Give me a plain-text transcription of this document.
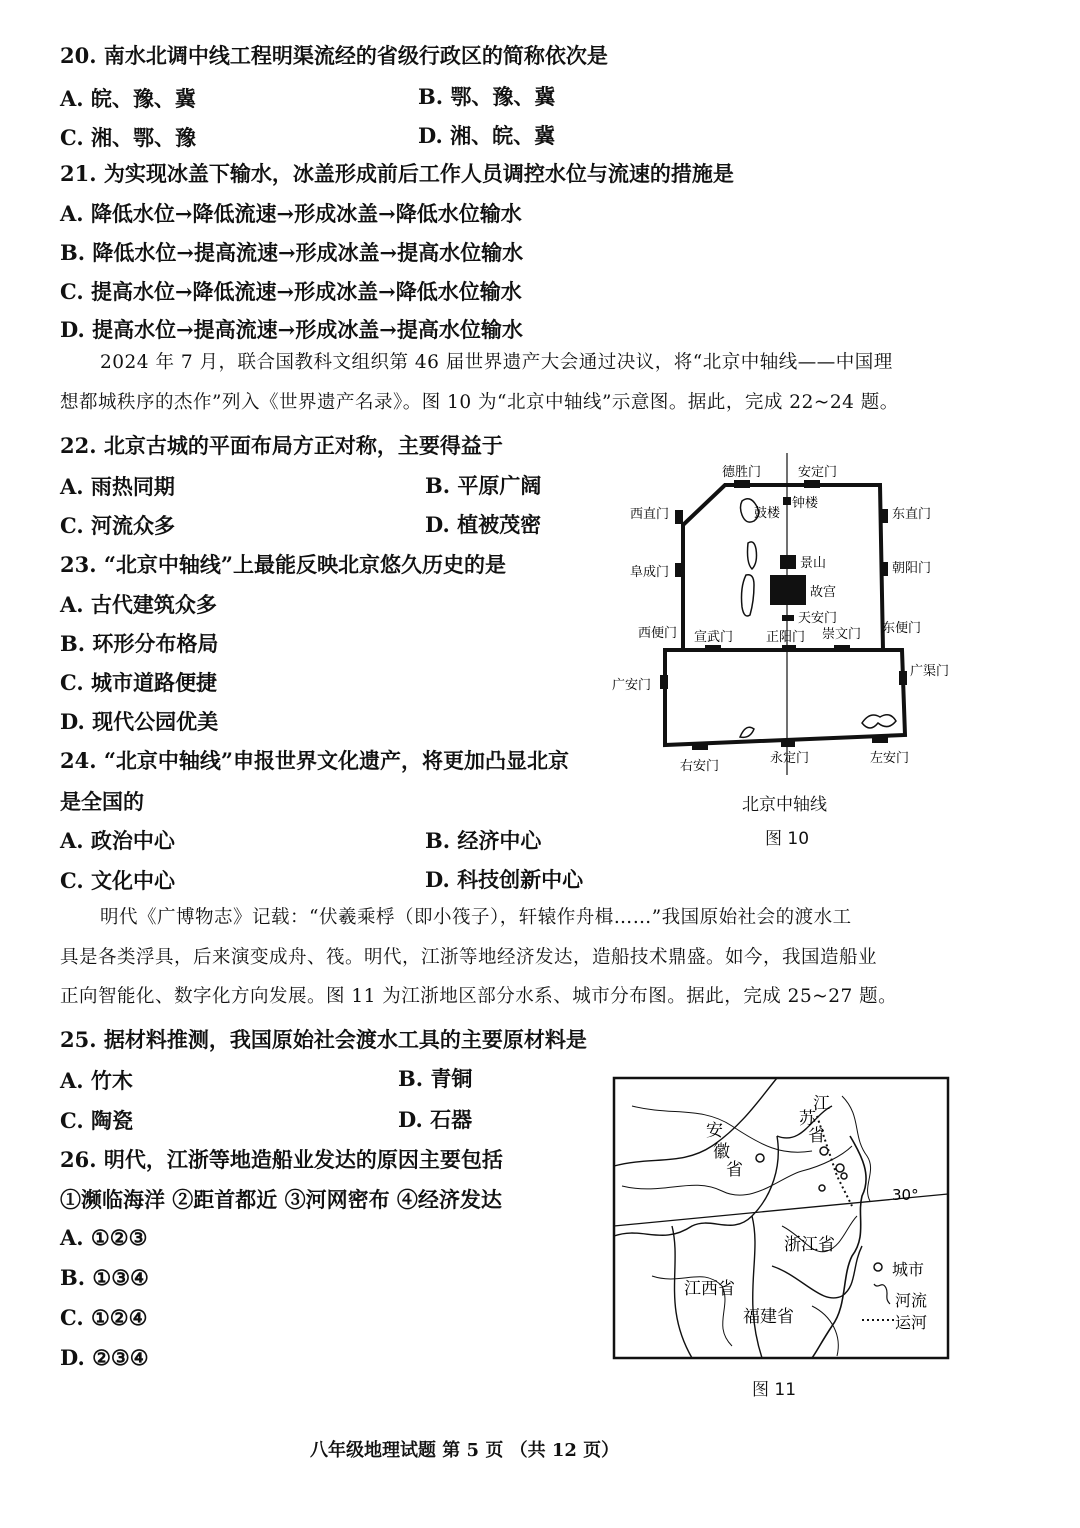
20. 南水北调中线工程明渠流经的省级行政区的简称依次是
A. 皖、豫、冀	B. 鄂、豫、冀
C. 湘、鄂、豫	D. 湘、皖、冀
21. 为实现冰盖下输水，冰盖形成前后工作人员调控水位与流速的措施是
A. 降低水位→降低流速→形成冰盖→降低水位输水
B. 降低水位→提高流速→形成冰盖→提高水位输水
C. 提高水位→降低流速→形成冰盖→降低水位输水
D. 提高水位→提高流速→形成冰盖→提高水位输水
2024 年 7 月，联合国教科文组织第 46 届世界遗产大会通过决议，将“北京中轴线——中国理
想都城秩序的杰作”列入《世界遗产名录》。图 10 为“北京中轴线”示意图。据此，完成 22~24 题。
22. 北京古城的平面布局方正对称，主要得益于
A. 雨热同期	B. 平原广阔
C. 河流众多	D. 植被茂密
23. “北京中轴线”上最能反映北京悠久历史的是
A. 古代建筑众多
B. 环形分布格局
C. 城市道路便捷
D. 现代公园优美
24. “北京中轴线”申报世界文化遗产，将更加凸显北京
是全国的
A. 政治中心	B. 经济中心
C. 文化中心	D. 科技创新中心
德胜门	安定门
西直门	东直门
阜成门	朝阳门
西便门	东便门
宣武门	正阳门 崇文门
广安门
广渠门
右安门
永定门	左安门
鼓楼
钟楼
景山
故宫
天安门
北京中轴线
图 10
明代《广博物志》记载：“伏羲乘桴（即小筏子），轩辕作舟楫……”我国原始社会的渡水工
具是各类浮具，后来演变成舟、筏。明代，江浙等地经济发达，造船技术鼎盛。如今，我国造船业
正向智能化、数字化方向发展。图 11 为江浙地区部分水系、城市分布图。据此，完成 25~27 题。
25. 据材料推测，我国原始社会渡水工具的主要原材料是
A. 竹木	B. 青铜
C. 陶瓷	D. 石器
26. 明代，江浙等地造船业发达的原因主要包括
①濒临海洋 ②距首都近 ③河网密布 ④经济发达
A. ①②③
B. ①③④
C. ①②④
D. ②③④
江
苏
省
安
徽
省
浙江省
江西省
福建省
30°
城市
河流
运河
图 11
八年级地理试题 第 5 页 （共 12 页）
